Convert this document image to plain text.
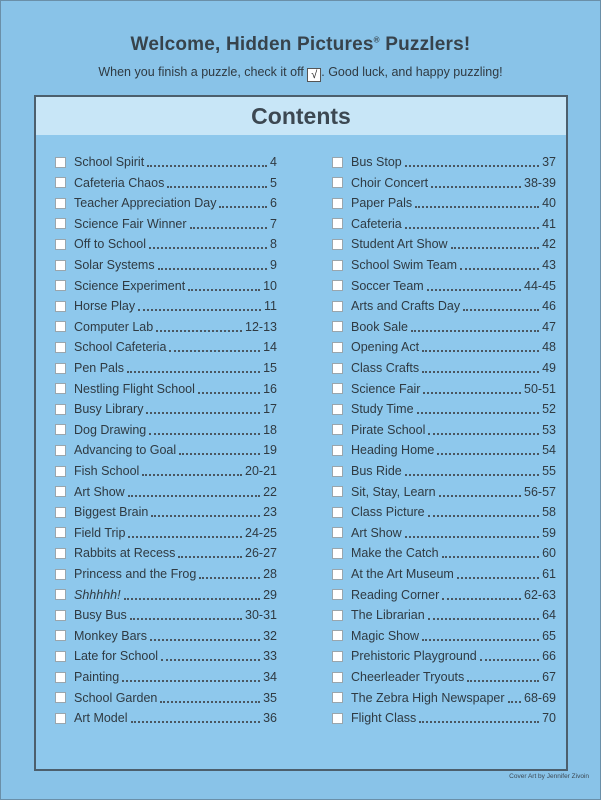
Welcome, Hidden Pictures® Puzzlers!
When you finish a puzzle, check it off √ . Good luck, and happy puzzling!
Contents
School Spirit	4
Cafeteria Chaos	5
Teacher Appreciation Day	6
Science Fair Winner	7
Off to School	8
Solar Systems	9
Science Experiment	10
Horse Play	11
Computer Lab	12-13
School Cafeteria	14
Pen Pals	15
Nestling Flight School	16
Busy Library	17
Dog Drawing	18
Advancing to Goal	19
Fish School	20-21
Art Show	22
Biggest Brain	23
Field Trip	24-25
Rabbits at Recess	26-27
Princess and the Frog	28
Shhhhh!	29
Busy Bus	30-31
Monkey Bars	32
Late for School	33
Painting	34
School Garden	35
Art Model	36
Bus Stop	37
Choir Concert	38-39
Paper Pals	40
Cafeteria	41
Student Art Show	42
School Swim Team	43
Soccer Team	44-45
Arts and Crafts Day	46
Book Sale	47
Opening Act	48
Class Crafts	49
Science Fair	50-51
Study Time	52
Pirate School	53
Heading Home	54
Bus Ride	55
Sit, Stay, Learn	56-57
Class Picture	58
Art Show	59
Make the Catch	60
At the Art Museum	61
Reading Corner	62-63
The Librarian	64
Magic Show	65
Prehistoric Playground	66
Cheerleader Tryouts	67
The Zebra High Newspaper 68-69
Flight Class	70
Cover Art by Jennifer Zivoin
